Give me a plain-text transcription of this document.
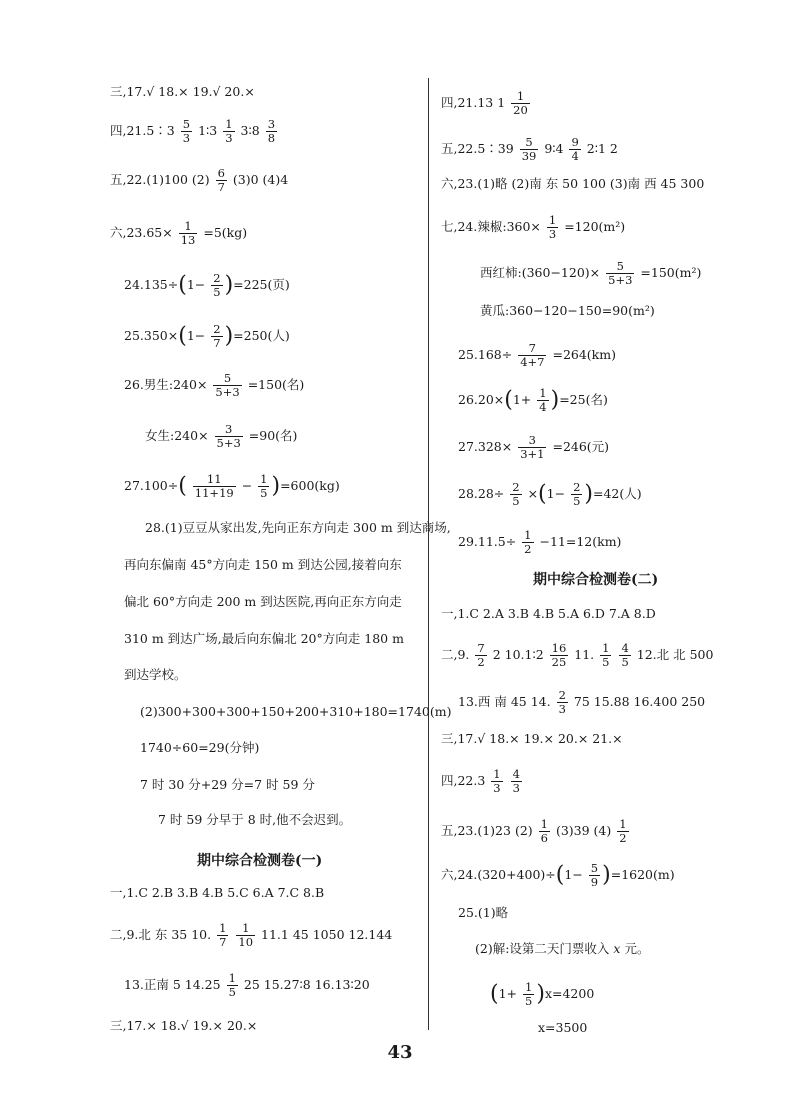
三,17.√ 18.× 19.√ 20.×
四,21.5∶3 $\frac{5}{3}$ 1∶3 $\frac{1}{3}$ 3∶8 $\frac{3}{8}$
五,22.(1)100 $(2) \frac{6}{7} (3)0$ (4)4
六$,23.65\times \frac{1}{13} =5(kg)$
$24.135\div(1- \frac{2}{5} )=225$(页)
$25.350\times(1- \frac{2}{7} )=250$(人)
26.男生:240× $\frac{5}{5+3} =150$(名)
女生:240× $\frac{3}{5+3} =90$(名)
$27.100\div( \frac{11}{11+19} - \frac{1}{5} )=600(kg)$
28.(1)豆豆从家出发,先向正东方向走 300 m 到达商场,
再向东偏南 45°方向走 150 m 到达公园,接着向东
偏北 60°方向走 200 m 到达医院,再向正东方向走
310 m 到达广场,最后向东偏北 20°方向走 180 m
到达学校。
(2)300+300+300+150+200+310+180=1740(m)
1740÷60=29(分钟)
7 时 30 分+29 分=7 时 59 分
7 时 59 分早于 8 时,他不会迟到。
期中综合检测卷(一)
一,1.C 2.B 3.B 4.B 5.C 6.A 7.C 8.B
二,9.北 东 35 10. $\frac{1}{7}$
$\frac{1}{10} 11.1$ 45 1050 12.144
13.正南 5 $14.25 \frac{1}{5} 25$ 15.27∶8 16.13∶20
三,17.× 18.√ 19.× 20.×
四,21.13 $1 \frac{1}{20}$
五,22.5∶39 $\frac{5}{39}$ 9∶4 $\frac{9}{4}$ 2∶1 2
六,23.(1)略 (2)南 东 50 100 (3)南 西 45 300
七,24.辣椒:360× $\frac{1}{3} =120(m^2)$
西红柿:(360−120)× $\frac{5}{5+3} =150(m^2)$
黄瓜:360−120−150=90(m²)
$25.168\div \frac{7}{4+7} =264(km)$
$26.20\times(1+ \frac{1}{4} )=25$(名)
$27.328\times \frac{3}{3+1} =246$(元)
$28.28\div \frac{2}{5} \times(1- \frac{2}{5} )=42$(人)
$29.11.5\div \frac{1}{2} -11=12(km)$
期中综合检测卷(二)
一,1.C 2.A 3.B 4.B 5.A 6.D 7.A 8.D
二,9. $\frac{7}{2} 2$ 10.1∶2 $\frac{16}{25} 11$. $\frac{1}{5}$
$\frac{4}{5} 12$.北 北 500
13.西 南 45 14. $\frac{2}{3} 75$ 15.88 16.400 250
三,17.√ 18.× 19.× 20.× 21.×
四$,22.3 \frac{1}{3}$
$\frac{4}{3}$
五,23.(1)23 $(2) \frac{1}{6} (3)39$ $(4) \frac{1}{2}$
六$,24.(320+400)\div(1- \frac{5}{9} )=1620(m)$
25.(1)略
(2)解:设第二天门票收入 x 元。
$(1+ \frac{1}{5} )x=4200$
x=3500
43
